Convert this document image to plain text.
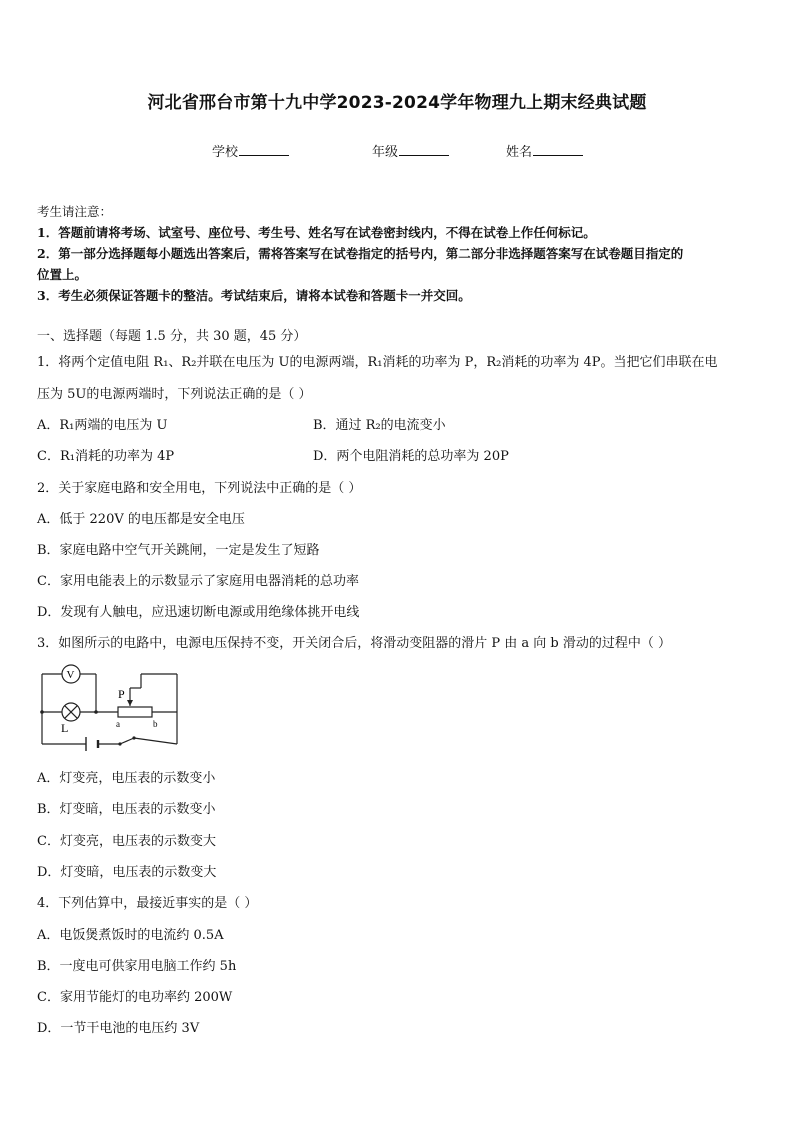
河北省邢台市第十九中学2023-2024学年物理九上期末经典试题
学校	年级	姓名
考生请注意：
1．答题前请将考场、试室号、座位号、考生号、姓名写在试卷密封线内，不得在试卷上作任何标记。
2．第一部分选择题每小题选出答案后，需将答案写在试卷指定的括号内，第二部分非选择题答案写在试卷题目指定的
位置上。
3．考生必须保证答题卡的整洁。考试结束后，请将本试卷和答题卡一并交回。
一、选择题（每题 1.5 分，共 30 题，45 分）
1．将两个定值电阻 R₁、R₂并联在电压为 U的电源两端，R₁消耗的功率为 P，R₂消耗的功率为 4P。当把它们串联在电
压为 5U的电源两端时，下列说法正确的是（ ）
A．R₁两端的电压为 U	B．通过 R₂的电流变小
C．R₁消耗的功率为 4P	D．两个电阻消耗的总功率为 20P
2．关于家庭电路和安全用电，下列说法中正确的是（ ）
A．低于 220V 的电压都是安全电压
B．家庭电路中空气开关跳闸，一定是发生了短路
C．家用电能表上的示数显示了家庭用电器消耗的总功率
D．发现有人触电，应迅速切断电源或用绝缘体挑开电线
3．如图所示的电路中，电源电压保持不变，开关闭合后，将滑动变阻器的滑片 P 由 a 向 b 滑动的过程中（ ）
V
L
P
a	b
A．灯变亮，电压表的示数变小
B．灯变暗，电压表的示数变小
C．灯变亮，电压表的示数变大
D．灯变暗，电压表的示数变大
4．下列估算中，最接近事实的是（ ）
A．电饭煲煮饭时的电流约 0.5A
B．一度电可供家用电脑工作约 5h
C．家用节能灯的电功率约 200W
D．一节干电池的电压约 3V
